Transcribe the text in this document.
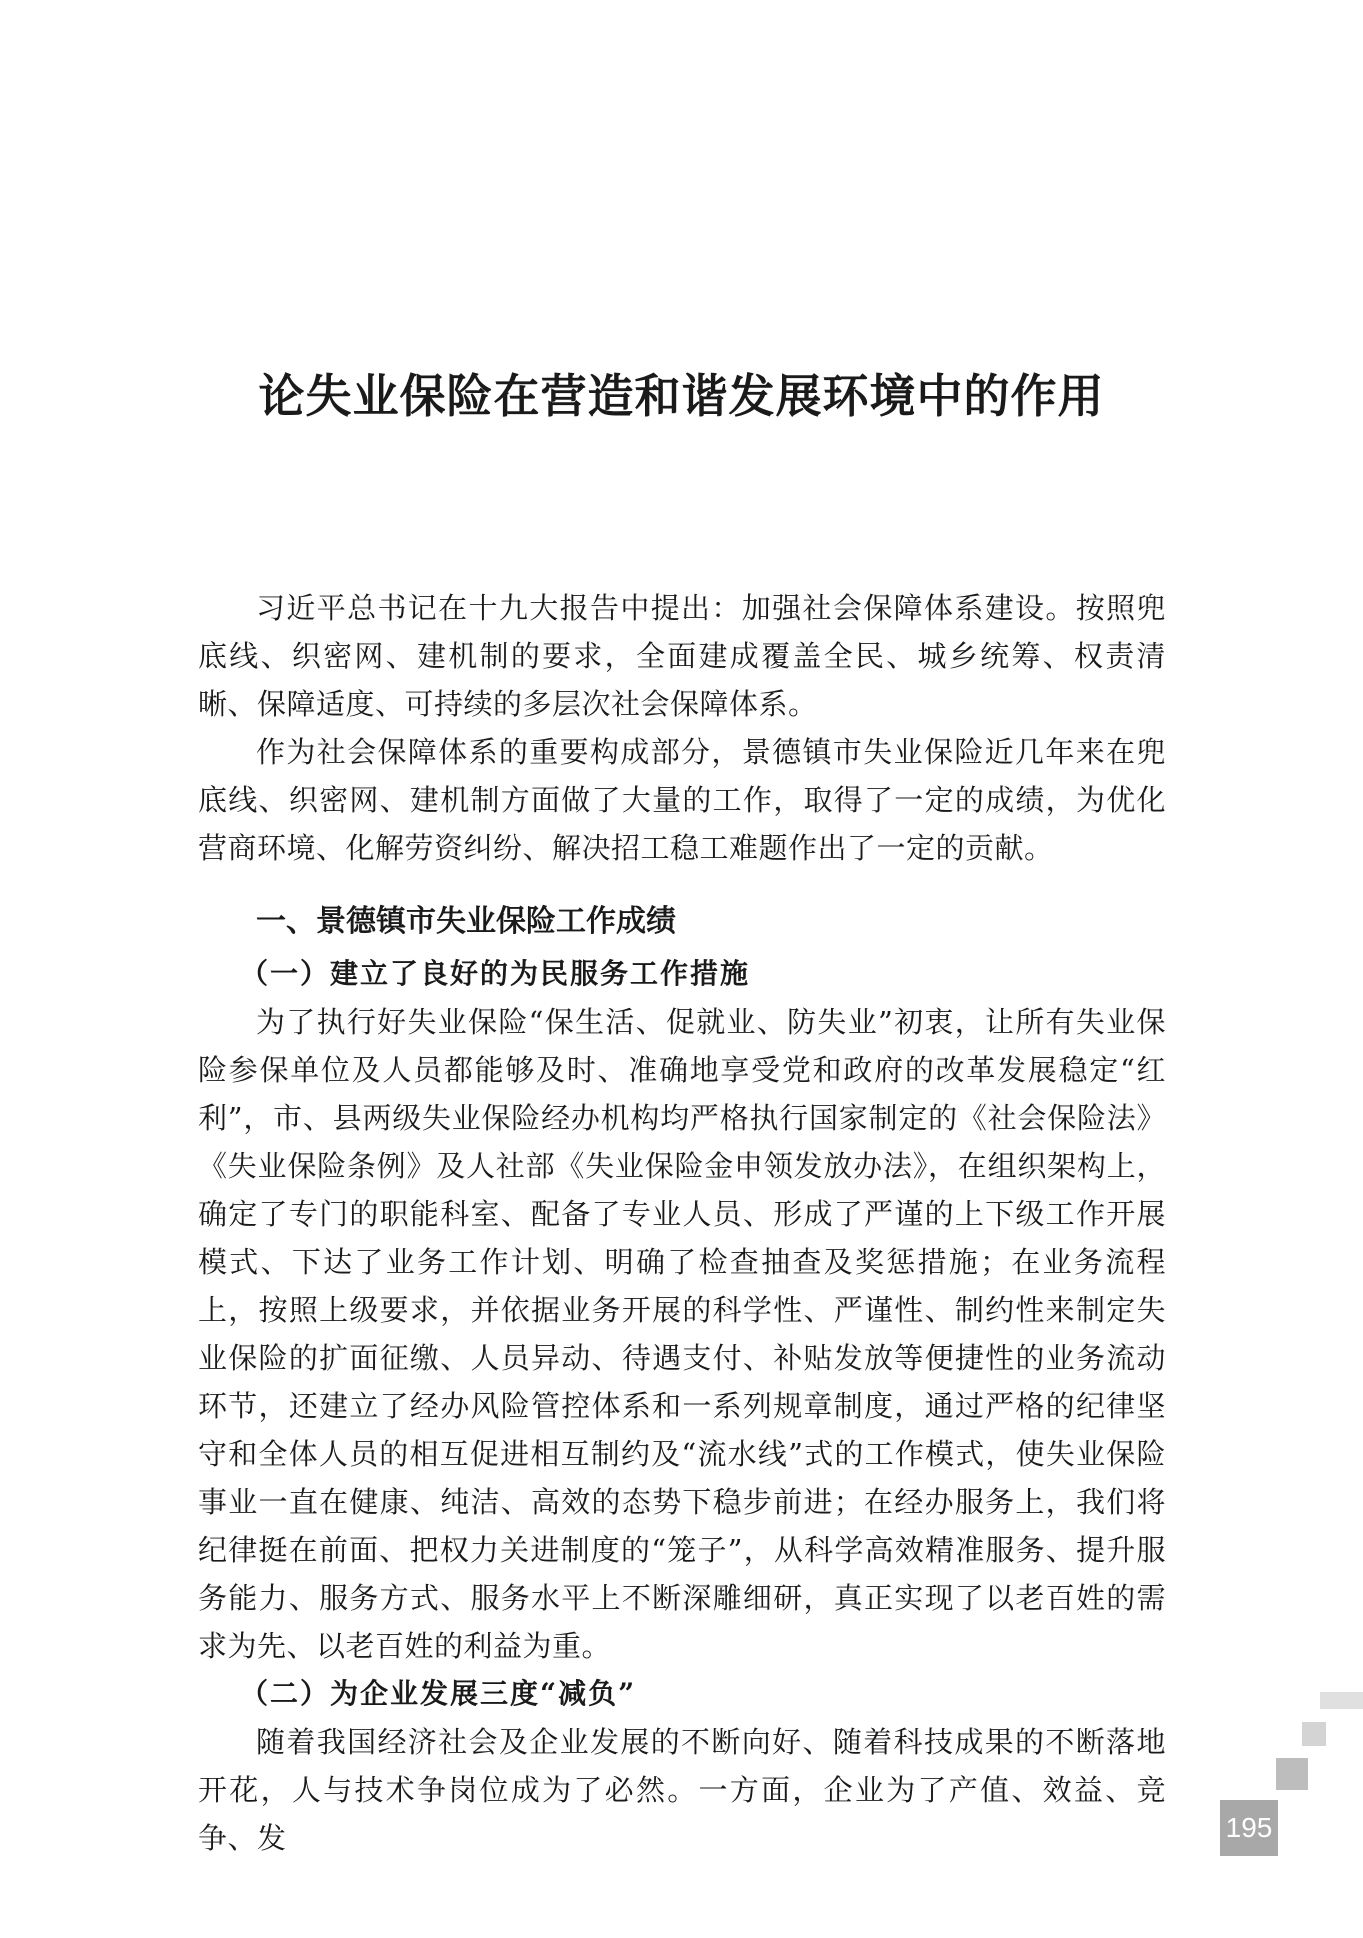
论失业保险在营造和谐发展环境中的作用

习近平总书记在十九大报告中提出：加强社会保障体系建设。按照兜底线、织密网、建机制的要求，全面建成覆盖全民、城乡统筹、权责清晰、保障适度、可持续的多层次社会保障体系。

作为社会保障体系的重要构成部分，景德镇市失业保险近几年来在兜底线、织密网、建机制方面做了大量的工作，取得了一定的成绩，为优化营商环境、化解劳资纠纷、解决招工稳工难题作出了一定的贡献。

一、景德镇市失业保险工作成绩
（一）建立了良好的为民服务工作措施

为了执行好失业保险“保生活、促就业、防失业”初衷，让所有失业保险参保单位及人员都能够及时、准确地享受党和政府的改革发展稳定“红利”，市、县两级失业保险经办机构均严格执行国家制定的《社会保险法》《失业保险条例》及人社部《失业保险金申领发放办法》，在组织架构上，确定了专门的职能科室、配备了专业人员、形成了严谨的上下级工作开展模式、下达了业务工作计划、明确了检查抽查及奖惩措施；在业务流程上，按照上级要求，并依据业务开展的科学性、严谨性、制约性来制定失业保险的扩面征缴、人员异动、待遇支付、补贴发放等便捷性的业务流动环节，还建立了经办风险管控体系和一系列规章制度，通过严格的纪律坚守和全体人员的相互促进相互制约及“流水线”式的工作模式，使失业保险事业一直在健康、纯洁、高效的态势下稳步前进；在经办服务上，我们将纪律挺在前面、把权力关进制度的“笼子”，从科学高效精准服务、提升服务能力、服务方式、服务水平上不断深雕细研，真正实现了以老百姓的需求为先、以老百姓的利益为重。

（二）为企业发展三度“减负”

随着我国经济社会及企业发展的不断向好、随着科技成果的不断落地开花，人与技术争岗位成为了必然。一方面，企业为了产值、效益、竞争、发	195
